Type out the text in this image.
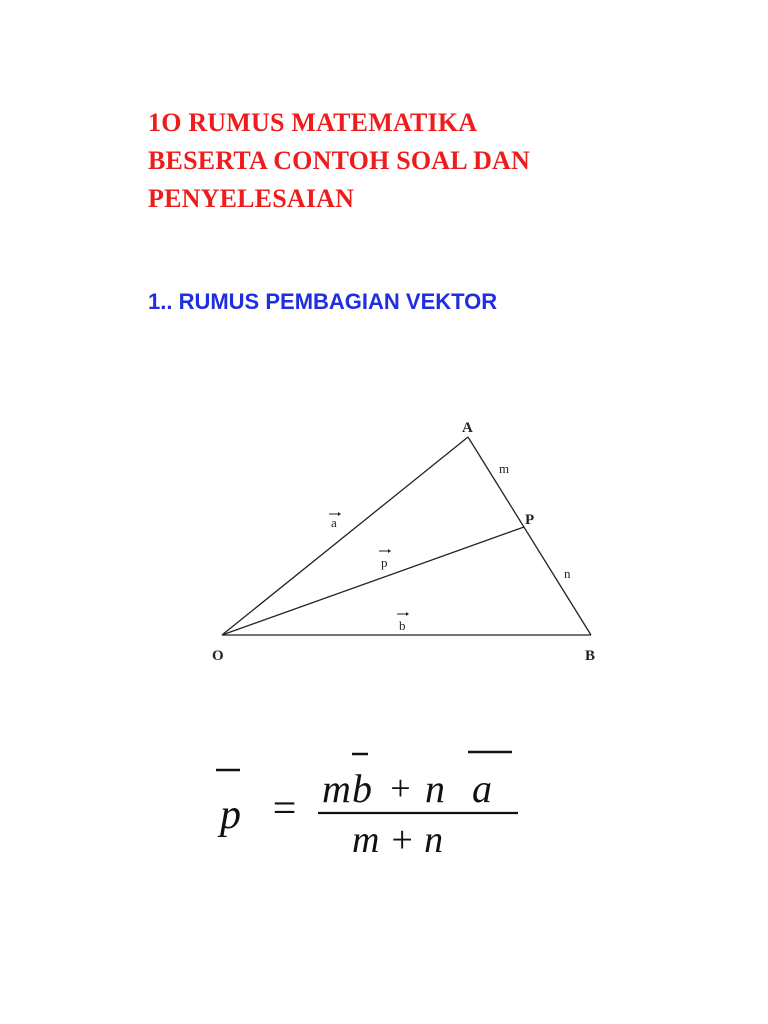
1O RUMUS MATEMATIKA
BESERTA CONTOH SOAL DAN
PENYELESAIAN
1.. RUMUS PEMBAGIAN VEKTOR
A
P
O	B
m
n
a
p
b
p = m b + n a
m + n
